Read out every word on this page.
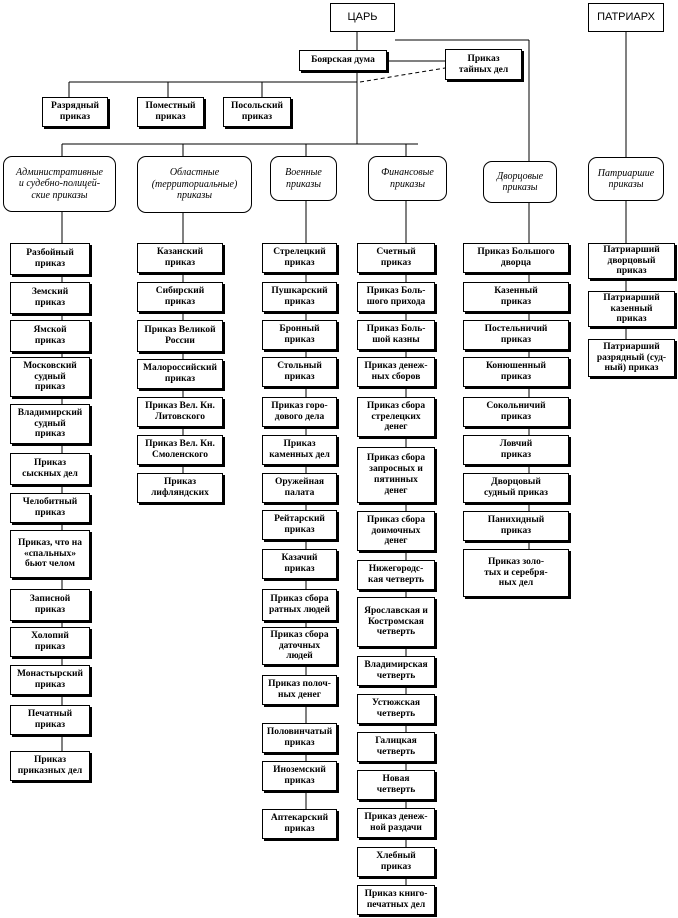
ЦАРЬ	ПАТРИАРХ
Боярская дума	Приказ
тайных дел
Разрядный
приказ
Поместный
приказ
Посольский
приказ
Административные
и судебно-полицей-
ские приказы
Разбойный
приказ
Земский
приказ
Ямской
приказ
Московский
судный
приказ
Владимирский
судный
приказ
Приказ
сыскных дел
Челобитный
приказ
Приказ, что на
«спальных»
бьют челом
Записной
приказ
Холопий
приказ
Монастырский
приказ
Печатный
приказ
Приказ
приказных дел
Областные
(территориальные)
приказы
Казанский
приказ
Сибирский
приказ
Приказ Великой
России
Малороссийский
приказ
Приказ Вел. Кн.
Литовского
Приказ Вел. Кн.
Смоленского
Приказ
лифляндских
Военные
приказы
Стрелецкий
приказ
Пушкарский
приказ
Бронный
приказ
Стольный
приказ
Приказ горо-
дового дела
Приказ
каменных дел
Оружейная
палата
Рейтарский
приказ
Казачий
приказ
Приказ сбора
ратных людей
Приказ сбора
даточных
людей
Приказ полоч-
ных денег
Половинчатый
приказ
Иноземский
приказ
Аптекарский
приказ
Финансовые
приказы
Счетный
приказ
Приказ Боль-
шого прихода
Приказ Боль-
шой казны
Приказ денеж-
ных сборов
Приказ сбора
стрелецких
денег
Приказ сбора
запросных и
пятинных
денег
Приказ сбора
доимочных
денег
Нижегородс-
кая четверть
Ярославская и
Костромская
четверть
Владимирская
четверть
Устюжская
четверть
Галицкая
четверть
Новая
четверть
Приказ денеж-
ной раздачи
Хлебный
приказ
Приказ книго-
печатных дел
Дворцовые
приказы
Приказ Большого
дворца
Казенный
приказ
Постельничий
приказ
Конюшенный
приказ
Сокольничий
приказ
Ловчий
приказ
Дворцовый
судный приказ
Панихидный
приказ
Приказ золо-
тых и серебря-
ных дел
Патриаршие
приказы
Патриарший
дворцовый
приказ
Патриарший
казенный
приказ
Патриарший
разрядный (суд-
ный) приказ
